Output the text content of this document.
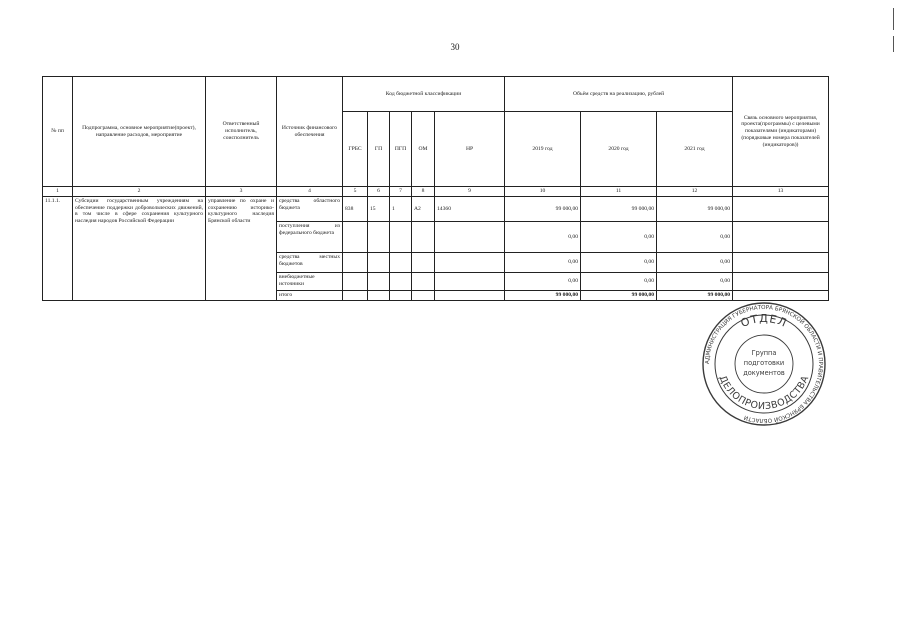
30
№ пп	Подпрограмма, основное мероприятие(проект), направление расходов, мероприятие	Ответственный исполнитель, соисполнитель	Источник финансового обеспечения	Код бюджетной классификации					Объём средств на реализацию, рублей			Связь основного мероприятия, проекта(программы) с целевыми показателями (индикаторами) (порядковые номера показателей (индикаторов))
				ГРБС	ГП	ПГП	ОМ	НР	2019 год	2020 год	2021 год	
1	2	3	4	5	6	7	8	9	10	11	12	13
11.1.1.	Субсидии государственным учреждениям на обеспечение поддержки добровольческих движений, в том числе в сфере сохранения культурного наследия народов Российской Федерации	управление по охране и сохранению историко-культурного наследия Брянской области	средства областного бюджета	838	15	1	А2	14360	99 000,00	99 000,00	99 000,00	
			поступления из федерального бюджета						0,00	0,00	0,00	
			средства местных бюджетов						0,00	0,00	0,00	
			внебюджетные источники						0,00	0,00	0,00	
			итого						99 000,00	99 000,00	99 000,00	
АДМИНИСТРАЦИЯ ГУБЕРНАТОРА БРЯНСКОЙ ОБЛАСТИ И ПРАВИТЕЛЬСТВА БРЯНСКОЙ ОБЛАСТИ
ОТДЕЛ
ДЕЛОПРОИЗВОДСТВА
Группа
подготовки
документов
